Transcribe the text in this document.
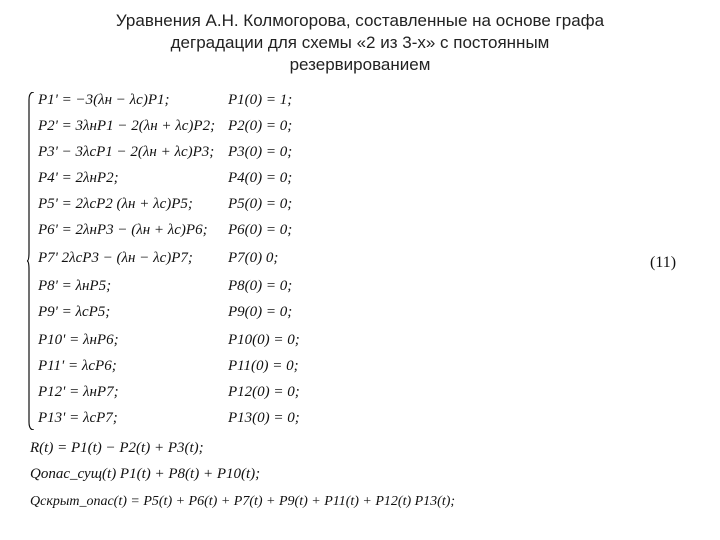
Уравнения А.Н. Колмогорова, составленные на основе графа
деградации для схемы «2 из 3-х» с постоянным
резервированием
P1' = −3(λн − λс)P1;	P1(0) = 1;
P2' = 3λнP1 − 2(λн + λс)P2; P2(0) = 0;
P3' − 3λcP1 − 2(λн + λс)P3; P3(0) = 0;
P4' = 2λнP2;	P4(0) = 0;
P5' = 2λcP2 (λн + λс)P5; P5(0) = 0;
P6' = 2λнP3 − (λн + λс)P6; P6(0) = 0;
P7' 2λcP3 − (λн − λс)P7; P7(0) 0;
P8' = λнP5;	P8(0) = 0;
P9' = λcP5;	P9(0) = 0;
P10' = λнP6;	P10(0) = 0;
P11' = λcP6;	P11(0) = 0;
P12' = λнP7;	P12(0) = 0;
P13' = λcP7;	P13(0) = 0;
(11)
R(t) = P1(t) − P2(t) + P3(t);
Qопас_сущ(t) P1(t) + P8(t) + P10(t);
Qскрыт_опас(t) = P5(t) + P6(t) + P7(t) + P9(t) + P11(t) + P12(t) P13(t);
